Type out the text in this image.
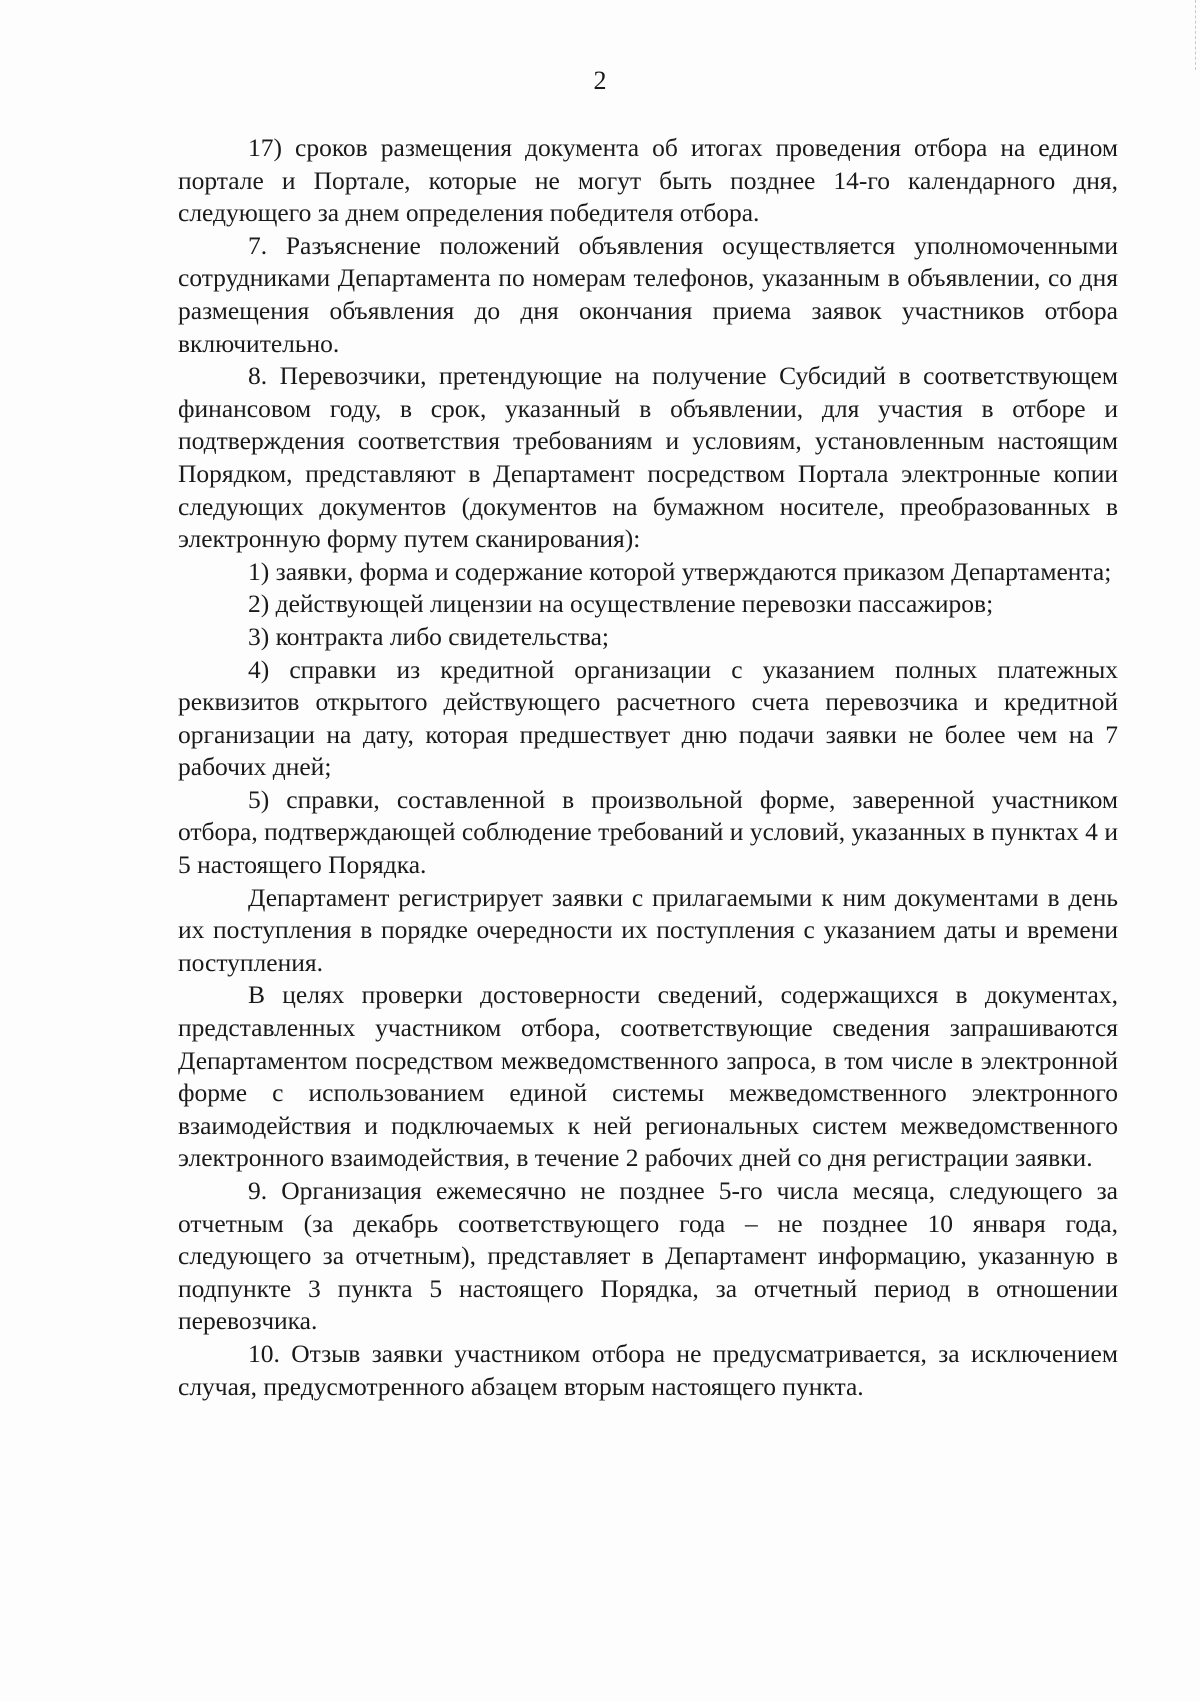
2

17) сроков размещения документа об итогах проведения отбора на едином портале и Портале, которые не могут быть позднее 14-го календарного дня, следующего за днем определения победителя отбора.

7. Разъяснение положений объявления осуществляется уполномоченными сотрудниками Департамента по номерам телефонов, указанным в объявлении, со дня размещения объявления до дня окончания приема заявок участников отбора включительно.

8. Перевозчики, претендующие на получение Субсидий в соответствующем финансовом году, в срок, указанный в объявлении, для участия в отборе и подтверждения соответствия требованиям и условиям, установленным настоящим Порядком, представляют в Департамент посредством Портала электронные копии следующих документов (документов на бумажном носителе, преобразованных в электронную форму путем сканирования):

1) заявки, форма и содержание которой утверждаются приказом Департамента;

2) действующей лицензии на осуществление перевозки пассажиров;

3) контракта либо свидетельства;

4) справки из кредитной организации с указанием полных платежных реквизитов открытого действующего расчетного счета перевозчика и кредитной организации на дату, которая предшествует дню подачи заявки не более чем на 7 рабочих дней;

5) справки, составленной в произвольной форме, заверенной участником отбора, подтверждающей соблюдение требований и условий, указанных в пунктах 4 и 5 настоящего Порядка.

Департамент регистрирует заявки с прилагаемыми к ним документами в день их поступления в порядке очередности их поступления с указанием даты и времени поступления.

В целях проверки достоверности сведений, содержащихся в документах, представленных участником отбора, соответствующие сведения запрашиваются Департаментом посредством межведомственного запроса, в том числе в электронной форме с использованием единой системы межведомственного электронного взаимодействия и подключаемых к ней региональных систем межведомственного электронного взаимодействия, в течение 2 рабочих дней со дня регистрации заявки.

9. Организация ежемесячно не позднее 5-го числа месяца, следующего за отчетным (за декабрь соответствующего года – не позднее 10 января года, следующего за отчетным), представляет в Департамент информацию, указанную в подпункте 3 пункта 5 настоящего Порядка, за отчетный период в отношении перевозчика.

10. Отзыв заявки участником отбора не предусматривается, за исключением случая, предусмотренного абзацем вторым настоящего пункта.
